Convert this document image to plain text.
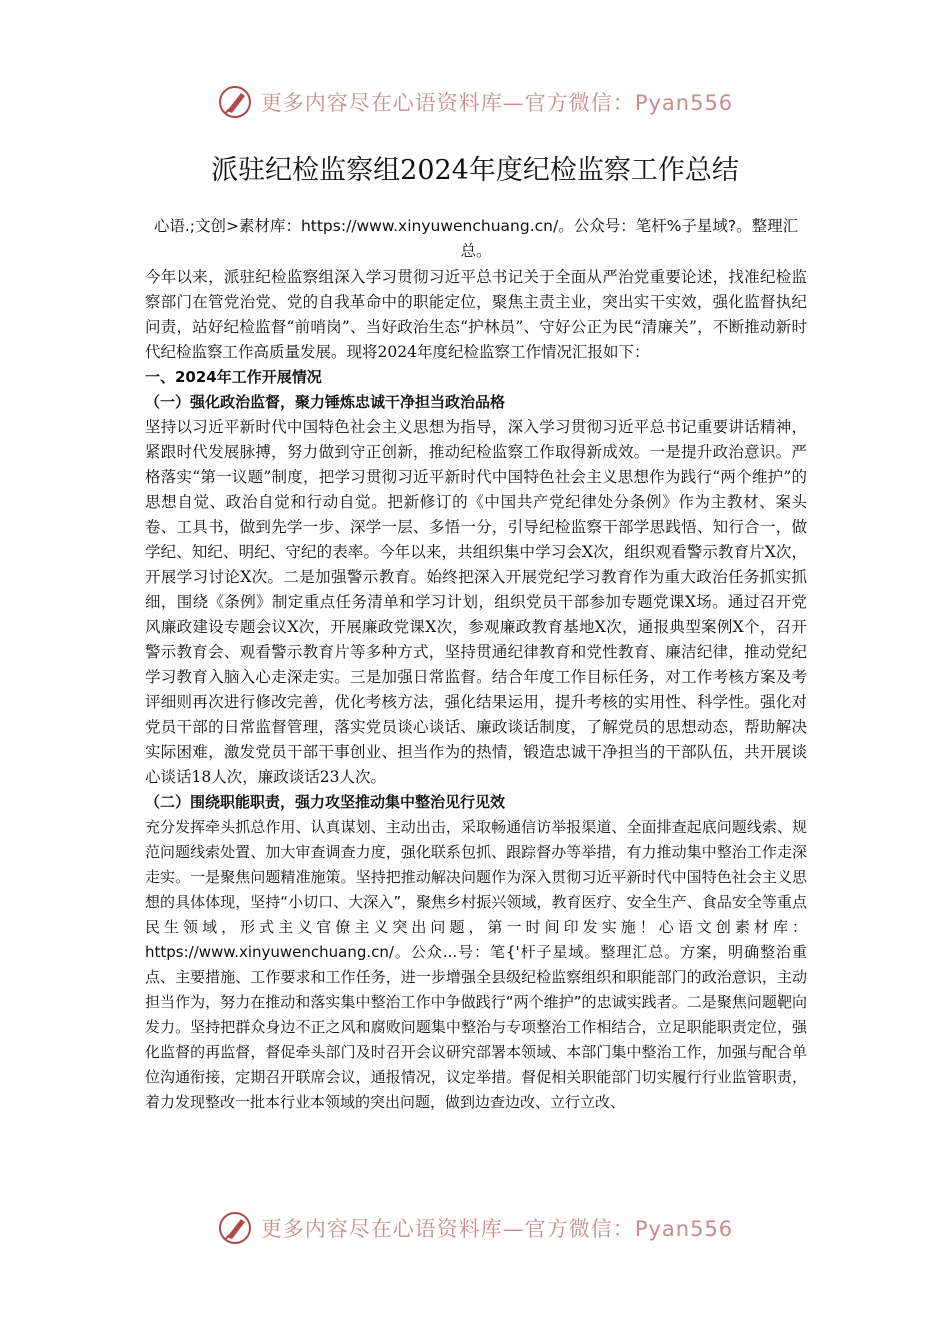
更多内容尽在心语资料库—官方微信：Pyan556
派驻纪检监察组2024年度纪检监察工作总结

心语.;文创>素材库：https://www.xinyuwenchuang.cn/。公众号：笔杆%子星域?。整理汇总。

今年以来，派驻纪检监察组深入学习贯彻习近平总书记关于全面从严治党重要论述，找准纪检监察部门在管党治党、党的自我革命中的职能定位，聚焦主责主业，突出实干实效，强化监督执纪问责，站好纪检监督“前哨岗”、当好政治生态“护林员”、守好公正为民“清廉关”，不断推动新时代纪检监察工作高质量发展。现将2024年度纪检监察工作情况汇报如下：

一、2024年工作开展情况

（一）强化政治监督，聚力锤炼忠诚干净担当政治品格

坚持以习近平新时代中国特色社会主义思想为指导，深入学习贯彻习近平总书记重要讲话精神，紧跟时代发展脉搏，努力做到守正创新，推动纪检监察工作取得新成效。一是提升政治意识。严格落实“第一议题”制度，把学习贯彻习近平新时代中国特色社会主义思想作为践行“两个维护”的思想自觉、政治自觉和行动自觉。把新修订的《中国共产党纪律处分条例》作为主教材、案头卷、工具书，做到先学一步、深学一层、多悟一分，引导纪检监察干部学思践悟、知行合一，做学纪、知纪、明纪、守纪的表率。今年以来，共组织集中学习会X次，组织观看警示教育片X次，开展学习讨论X次。二是加强警示教育。始终把深入开展党纪学习教育作为重大政治任务抓实抓细，围绕《条例》制定重点任务清单和学习计划，组织党员干部参加专题党课X场。通过召开党风廉政建设专题会议X次，开展廉政党课X次，参观廉政教育基地X次，通报典型案例X个，召开警示教育会、观看警示教育片等多种方式，坚持贯通纪律教育和党性教育、廉洁纪律，推动党纪学习教育入脑入心走深走实。三是加强日常监督。结合年度工作目标任务，对工作考核方案及考评细则再次进行修改完善，优化考核方法，强化结果运用，提升考核的实用性、科学性。强化对党员干部的日常监督管理，落实党员谈心谈话、廉政谈话制度，了解党员的思想动态，帮助解决实际困难，激发党员干部干事创业、担当作为的热情，锻造忠诚干净担当的干部队伍，共开展谈心谈话18人次，廉政谈话23人次。

（二）围绕职能职责，强力攻坚推动集中整治见行见效

充分发挥牵头抓总作用、认真谋划、主动出击，采取畅通信访举报渠道、全面排查起底问题线索、规范问题线索处置、加大审查调查力度，强化联系包抓、跟踪督办等举措，有力推动集中整治工作走深走实。一是聚焦问题精准施策。坚持把推动解决问题作为深入贯彻习近平新时代中国特色社会主义思想的具体体现，坚持“小切口、大深入”，聚焦乡村振兴领域，教育医疗、安全生产、食品安全等重点民生领域，形式主义官僚主义突出问题，第一时间印发实施！心语文创素材库：https://www.xinyuwenchuang.cn/。公众...号：笔{'杆子星域。整理汇总。方案，明确整治重点、主要措施、工作要求和工作任务，进一步增强全县级纪检监察组织和职能部门的政治意识，主动担当作为，努力在推动和落实集中整治工作中争做践行“两个维护”的忠诚实践者。二是聚焦问题靶向发力。坚持把群众身边不正之风和腐败问题集中整治与专项整治工作相结合，立足职能职责定位，强化监督的再监督，督促牵头部门及时召开会议研究部署本领域、本部门集中整治工作，加强与配合单位沟通衔接，定期召开联席会议，通报情况，议定举措。督促相关职能部门切实履行行业监管职责，着力发现整改一批本行业本领域的突出问题，做到边查边改、立行立改、

更多内容尽在心语资料库—官方微信：Pyan556
